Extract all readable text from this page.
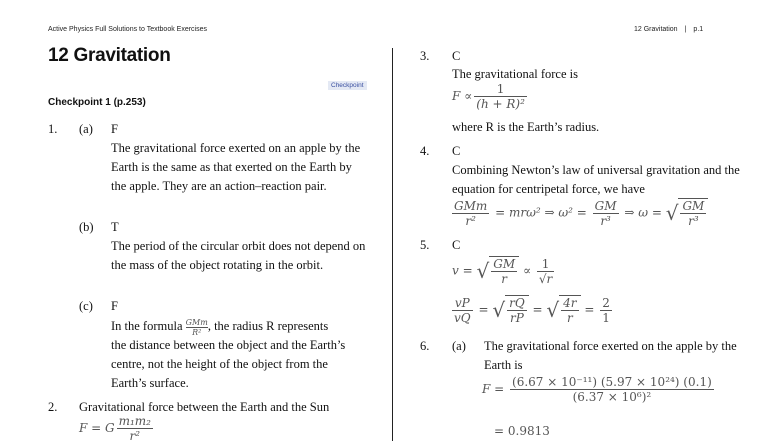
Active Physics Full Solutions to Textbook Exercises	12 Gravitation | p.1
12 Gravitation
Checkpoint
Checkpoint 1 (p.253)
1. (a) F
The gravitational force exerted on an apple by the Earth is the same as that exerted on the Earth by the apple. They are an action–reaction pair.
(b) T
The period of the circular orbit does not depend on the mass of the object rotating in the orbit.
(c) F
In the formula $\frac{\text{GMm}}{\text{R²}}$ , the radius R represents
the distance between the object and the Earth’s centre, not the height of the object from the Earth’s surface.
2. Gravitational force between the Earth and the Sun
F = G $\frac{\text{m₁m₂}}{\text{r²}}$
3. C
The gravitational force is
$F \propto \frac{1}{\text{(h + R)²}}$
where R is the Earth’s radius.
4. C
Combining Newton’s law of universal gravitation and the equation for centripetal force, we have
$\frac{\text{GMm}}{\text{r²}} = mr\omega^2$ ⇒ $\omega^2 = \frac{GM}{\text{r³}}$ ⇒ ω = √ $\frac{GM}{\text{r³}}$
5. C
v = √ $\frac{GM}{r} \propto \frac{1}{√r}$
$\frac{vP}{vQ}$ = √ $\frac{rQ}{rP}$ = √ $\frac{4r}{r} = \frac{2}{1}$
6. (a) The gravitational force exerted on the apple by the Earth is
$F = \frac{\text{(6.67 × 10⁻¹¹) (5.97 × 10²⁴) (0.1)}}{\text{(6.37 × 10⁶)²}}$
= 0.9813
